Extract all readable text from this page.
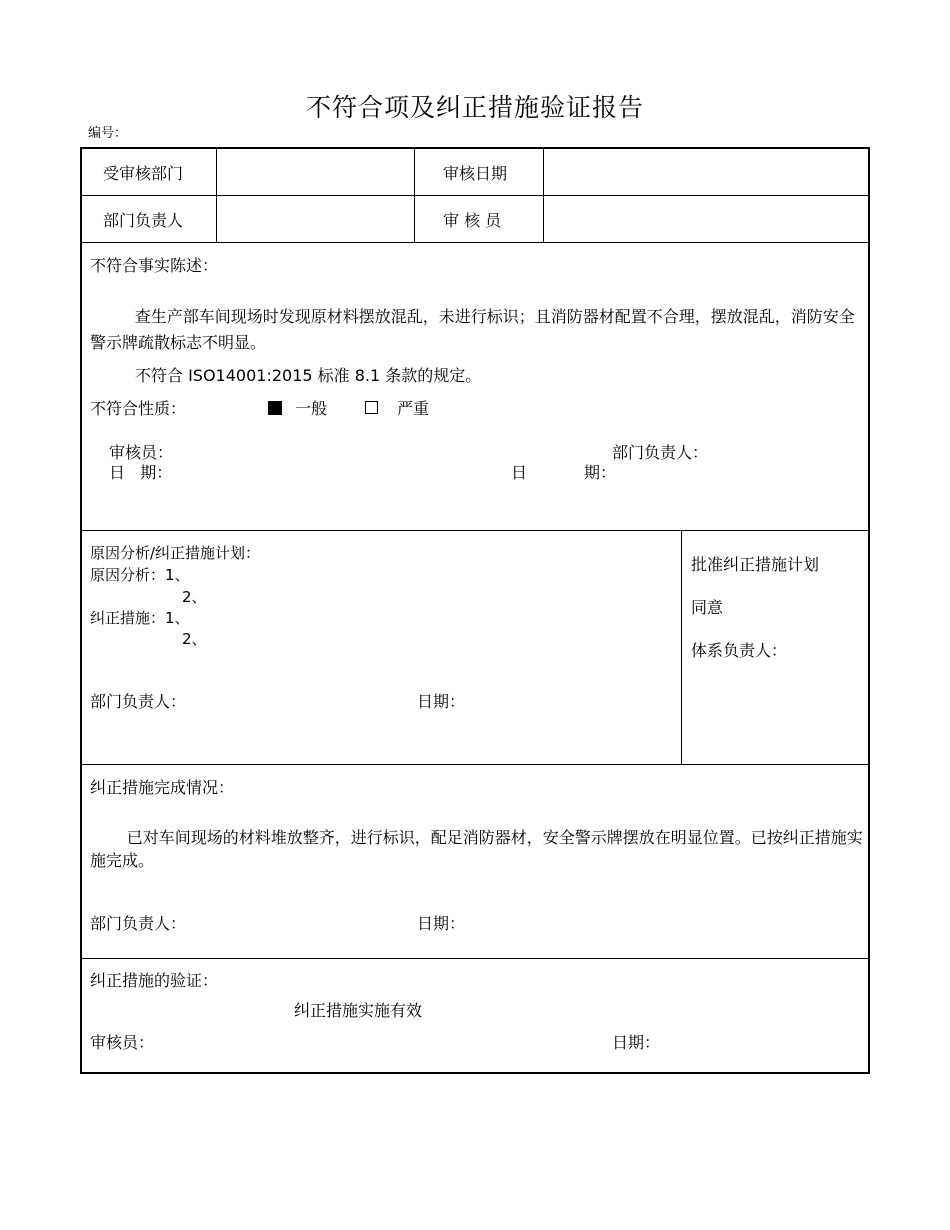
不符合项及纠正措施验证报告
编号：
受审核部门	审核日期
部门负责人	审 核 员
不符合事实陈述：
查生产部车间现场时发现原材料摆放混乱，未进行标识；且消防器材配置不合理，摆放混乱，消防安全警示牌疏散标志不明显。
不符合 ISO14001:2015 标准 8.1 条款的规定。
不符合性质：	一般	严重
审核员：
日   期：
部门负责人：
日	期：
原因分析/纠正措施计划：
原因分析：1、
2、
纠正措施：1、
2、
部门负责人：	日期：
批准纠正措施计划
同意
体系负责人：
纠正措施完成情况：
已对车间现场的材料堆放整齐，进行标识，配足消防器材，安全警示牌摆放在明显位置。已按纠正措施实施完成。
部门负责人：	日期：
纠正措施的验证：
纠正措施实施有效
审核员：	日期：
